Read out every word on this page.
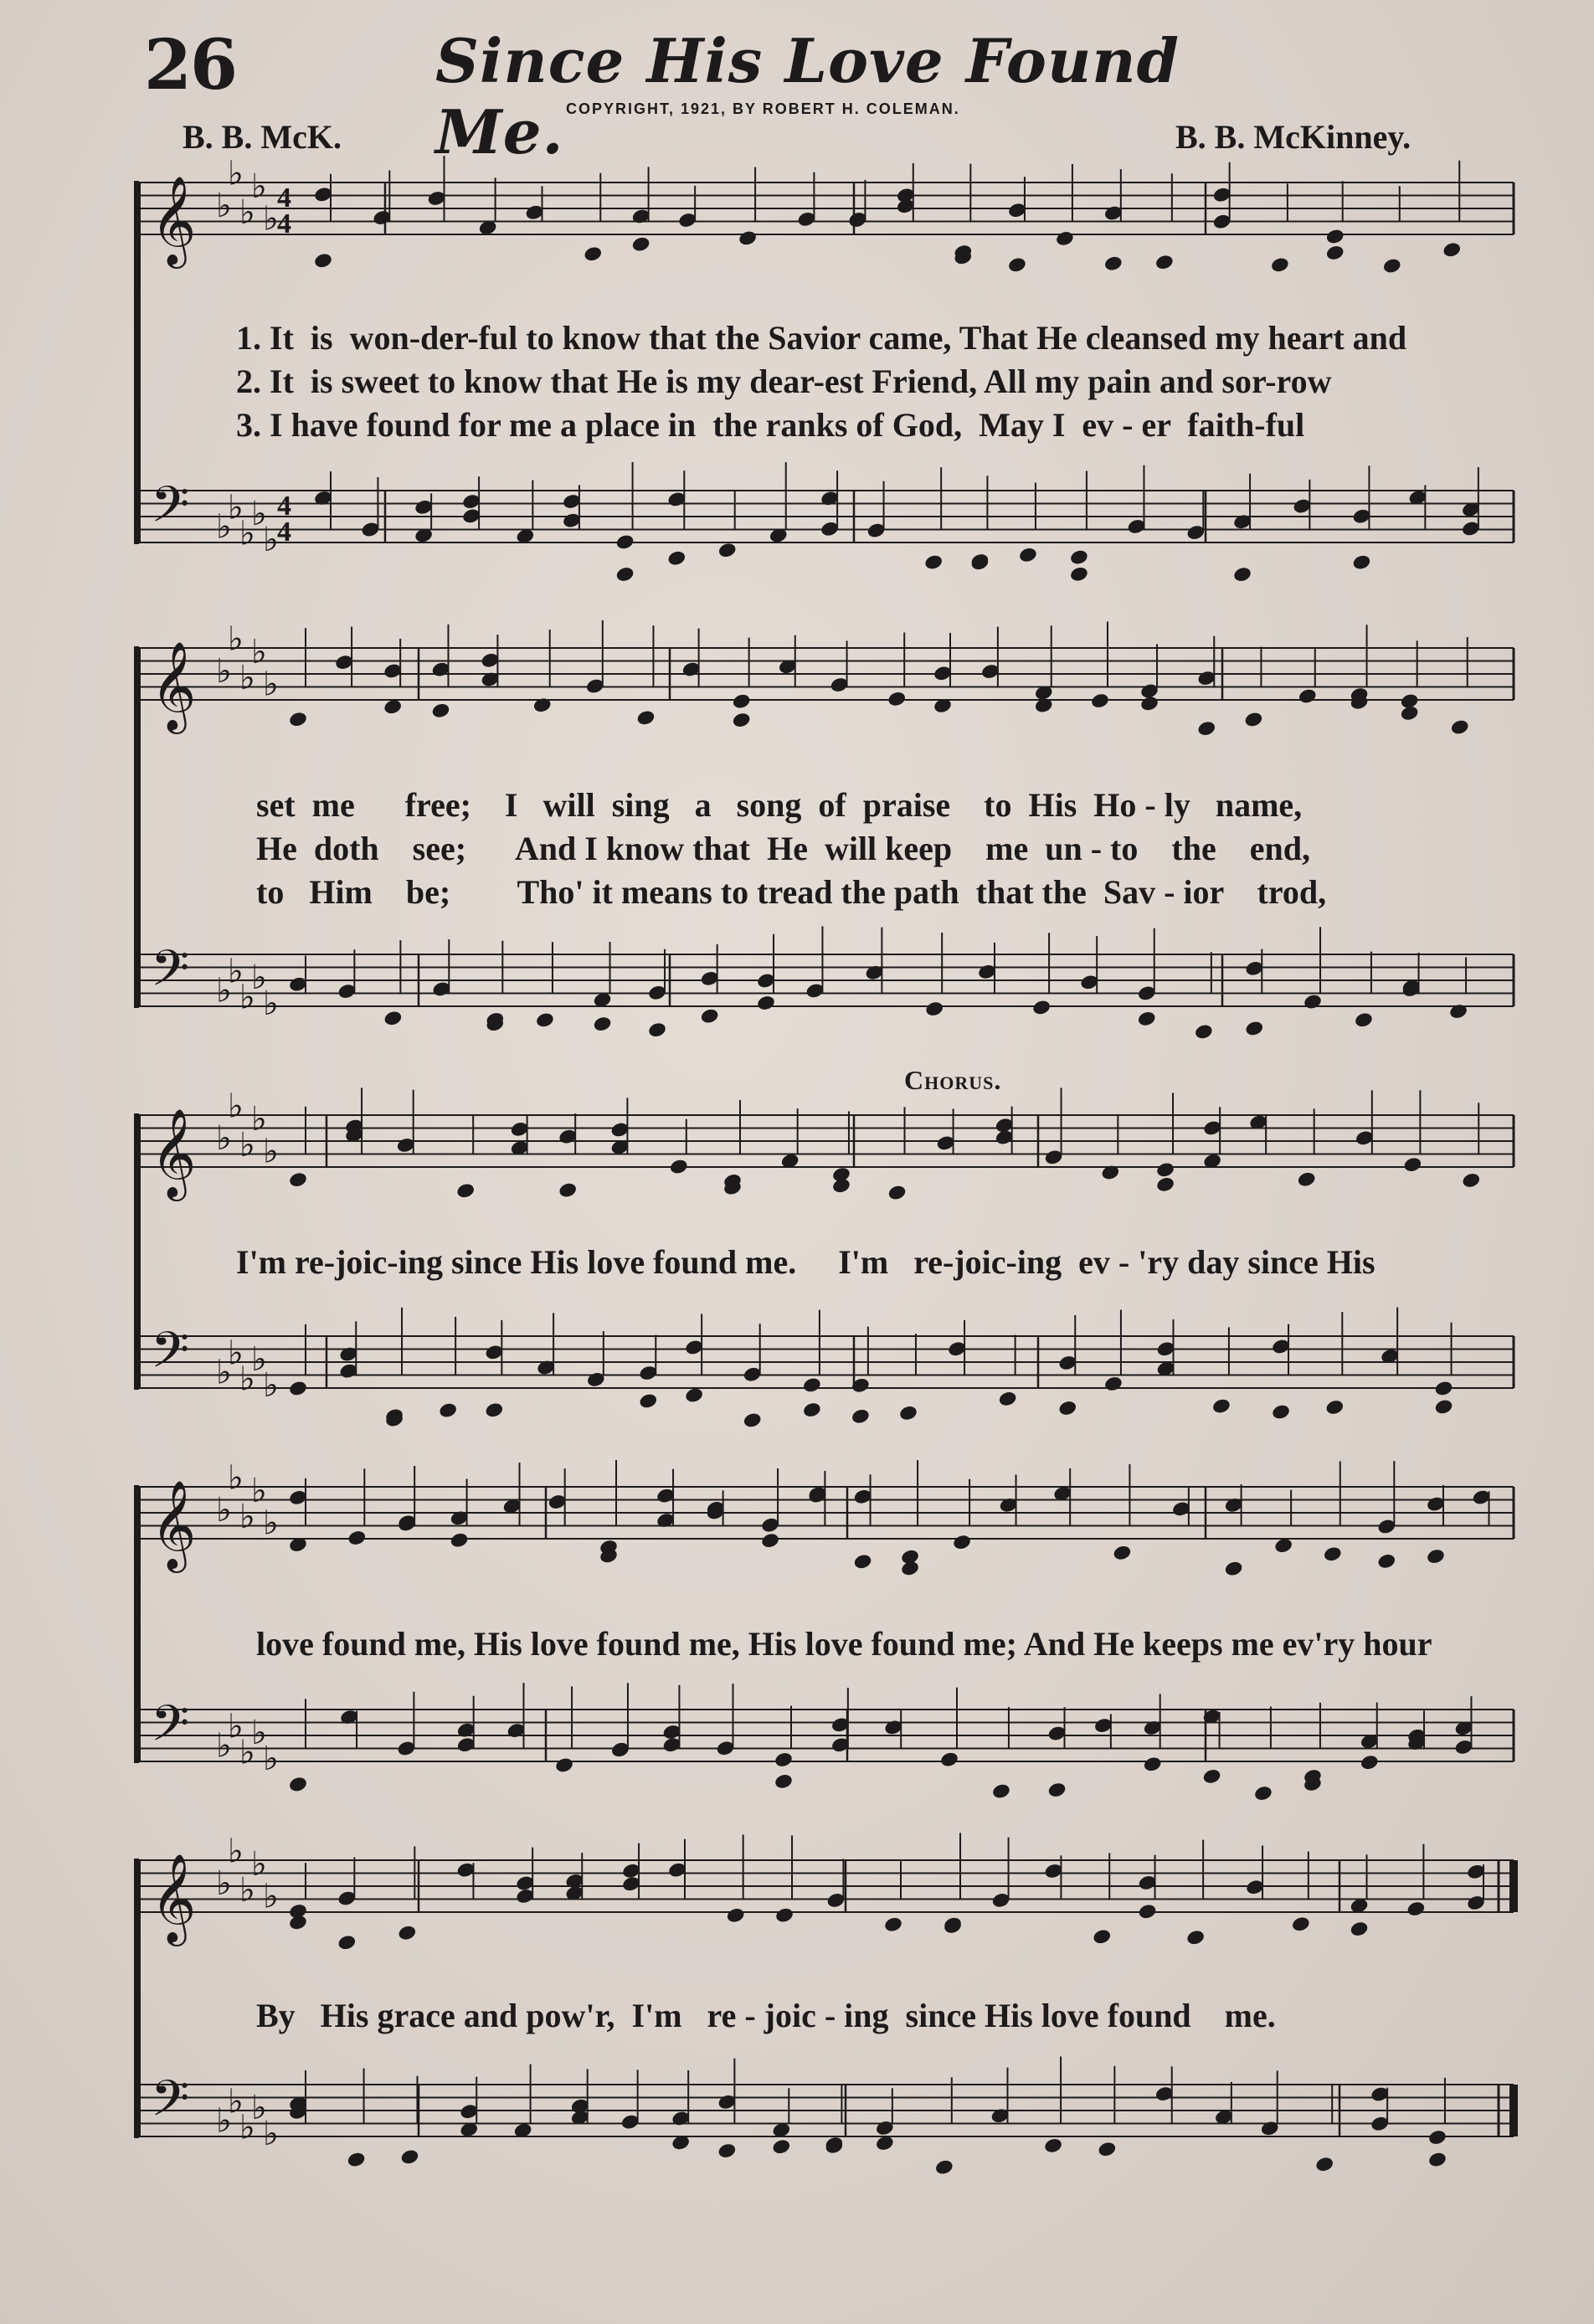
26	Since His Love Found Me. COPYRIGHT, 1921, BY ROBERT H. COLEMAN.
B. B. McK.	B. B. McKinney.
𝄞
𝄢
♭
♭
♭
♭
♭
♭
♭
♭
♭
♭
4
4
4
4
𝄞
𝄢
♭
♭
♭
♭
♭
♭
♭
♭
♭
♭
𝄞
𝄢
♭
♭
♭
♭
♭
♭
♭
♭
♭
♭
𝄞
𝄢
♭
♭
♭
♭
♭
♭
♭
♭
♭
♭
𝄞
𝄢
♭
♭
♭
♭
♭
♭
♭
♭
♭
♭
1. It  is  won-der-ful to know that the Savior came, That He cleansed my heart and
2. It  is sweet to know that He is my dear-est Friend, All my pain and sor-row
3. I have found for me a place in  the ranks of God,  May I  ev - er  faith-ful
set  me      free;    I   will  sing   a   song  of  praise    to  His  Ho - ly   name,
He  doth    see;      And I know that  He  will keep    me  un - to    the    end,
to   Him    be;        Tho' it means to tread the path  that the  Sav - ior    trod,
Chorus.
I'm re-joic-ing since His love found me.     I'm   re-joic-ing  ev - 'ry day since His
love found me, His love found me, His love found me; And He keeps me ev'ry hour
By   His grace and pow'r,  I'm   re - joic - ing  since His love found    me.
